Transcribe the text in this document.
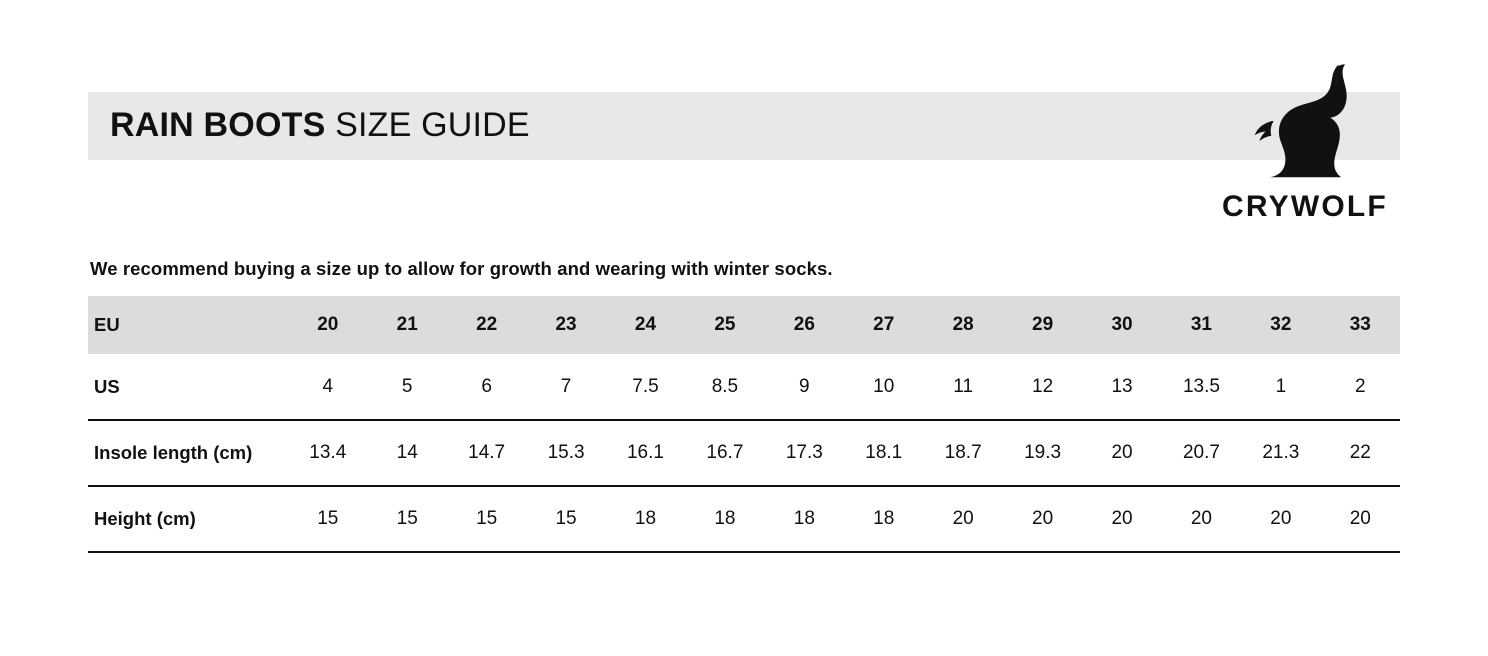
RAIN BOOTS SIZE GUIDE
CRYWOLF
We recommend buying a size up to allow for growth and wearing with winter socks.
EU	20	21	22	23	24	25	26	27	28	29	30	31	32	33
US	4	5	6	7	7.5	8.5	9	10	11	12	13	13.5	1	2
Insole length (cm)	13.4	14	14.7	15.3	16.1	16.7	17.3	18.1	18.7	19.3	20	20.7	21.3	22
Height (cm)	15	15	15	15	18	18	18	18	20	20	20	20	20	20
